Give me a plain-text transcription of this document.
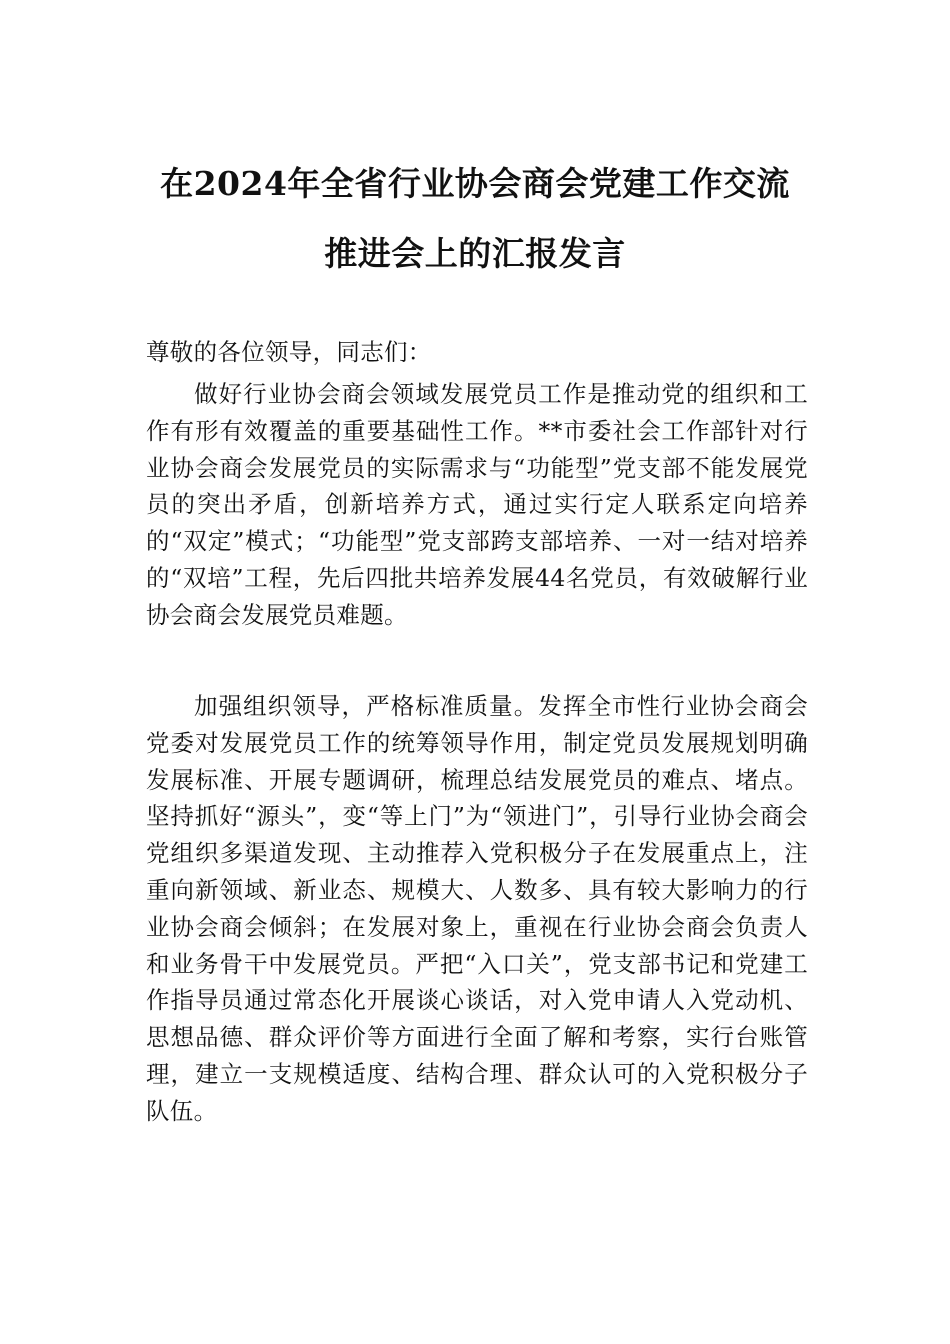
在2024年全省行业协会商会党建工作交流
推进会上的汇报发言
尊敬的各位领导，同志们：
做好行业协会商会领域发展党员工作是推动党的组织和工作有形有效覆盖的重要基础性工作。**市委社会工作部针对行业协会商会发展党员的实际需求与“功能型”党支部不能发展党员的突出矛盾，创新培养方式，通过实行定人联系定向培养的“双定”模式；“功能型”党支部跨支部培养、一对一结对培养的“双培”工程，先后四批共培养发展44名党员，有效破解行业协会商会发展党员难题。
加强组织领导，严格标准质量。发挥全市性行业协会商会党委对发展党员工作的统筹领导作用，制定党员发展规划明确发展标准、开展专题调研，梳理总结发展党员的难点、堵点。坚持抓好“源头”，变“等上门”为“领进门”，引导行业协会商会党组织多渠道发现、主动推荐入党积极分子在发展重点上，注重向新领域、新业态、规模大、人数多、具有较大影响力的行业协会商会倾斜；在发展对象上，重视在行业协会商会负责人和业务骨干中发展党员。严把“入口关”，党支部书记和党建工作指导员通过常态化开展谈心谈话，对入党申请人入党动机、思想品德、群众评价等方面进行全面了解和考察，实行台账管理，建立一支规模适度、结构合理、群众认可的入党积极分子队伍。
